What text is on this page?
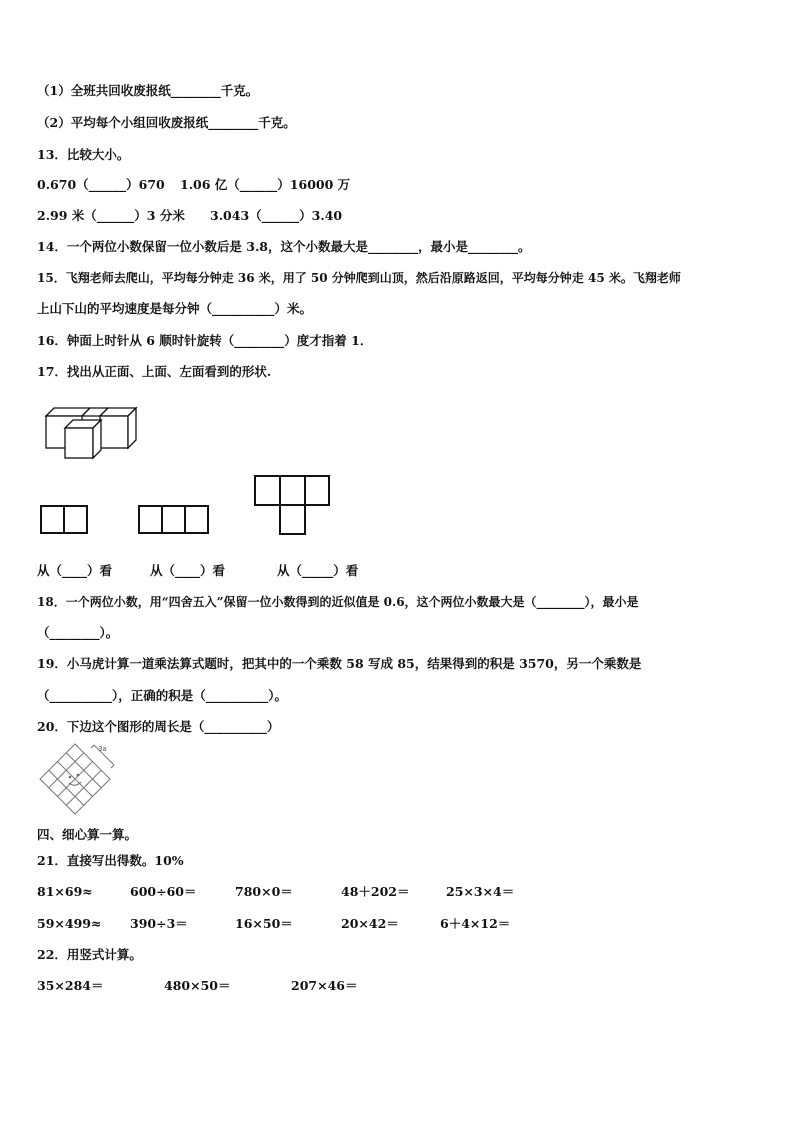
（1）全班共回收废报纸________千克。
（2）平均每个小组回收废报纸________千克。
13．比较大小。
0.670（______）670 1.06 亿（______）16000 万
2.99 米（______）3 分米 3.043（______）3.40
14．一个两位小数保留一位小数后是 3.8，这个小数最大是________，最小是________。
15．飞翔老师去爬山，平均每分钟走 36 米，用了 50 分钟爬到山顶，然后沿原路返回，平均每分钟走 45 米。飞翔老师
上山下山的平均速度是每分钟（__________）米。
16．钟面上时针从 6 顺时针旋转（________）度才指着 1．
17．找出从正面、上面、左面看到的形状.
从（____）看	从（____）看	从（_____）看
18．一个两位小数，用“四舍五入”保留一位小数得到的近似值是 0.6，这个两位小数最大是（________），最小是
（________）。
19．小马虎计算一道乘法算式题时，把其中的一个乘数 58 写成 85，结果得到的积是 3570，另一个乘数是
（__________），正确的积是（__________）。
20．下边这个图形的周长是（__________）
3a
四、细心算一算。
21．直接写出得数。10%
81×69≈	600÷60＝	780×0＝	48＋202＝	25×3×4＝
59×499≈ 390÷3＝	16×50＝	20×42＝	6＋4×12＝
22．用竖式计算。
35×284＝	480×50＝	207×46＝
